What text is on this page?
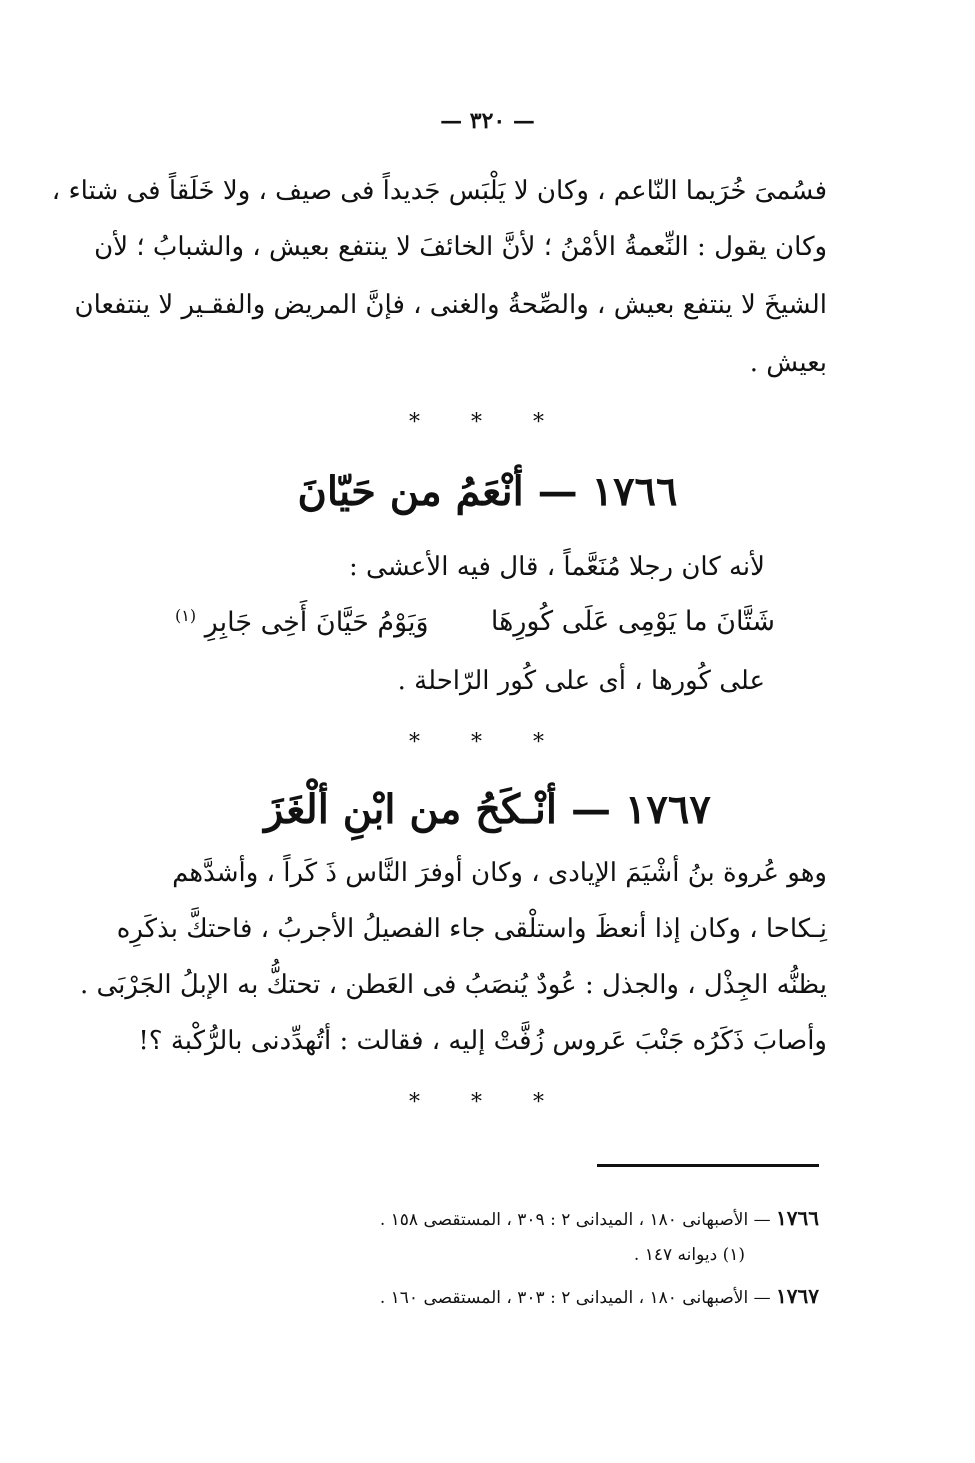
— ٣٢٠ —
فسُمىَ خُرَيما النّاعم ، وكان لا يَلْبَس جَديداً فى صيف ، ولا خَلَقاً فى شتاء ،
وكان يقول : النِّعمةُ الأمْنُ ؛ لأنَّ الخائفَ لا ينتفع بعيش ، والشبابُ ؛ لأن
الشيخَ لا ينتفع بعيش ، والصِّحةُ والغنى ، فإنَّ المريض والفقـير لا ينتفعان
بعيش .
* * *
١٧٦٦ — أنْعَمُ من حَيّانَ
لأنه كان رجلا مُنَعَّماً ، قال فيه الأعشى :
شَتَّانَ ما يَوْمِى عَلَى كُورِهَا
وَيَوْمُ حَيَّانَ أَخِى جَابِرِ $^{(١)}$
على كُورها ، أى على كُور الرّاحلة .
* * *
١٧٦٧ — أنْـكَحُ من ابْنِ ألْغَزَ
وهو عُروة بنُ أشْيَمَ الإيادى ، وكان أوفرَ النَّاس ذَ كَراً ، وأشدَّهم
نِـكاحا ، وكان إذا أنعظَ واستلْقى جاء الفصيلُ الأجربُ ، فاحتكَّ بذكَرِه
يظنُّه الجِذْل ، والجذل : عُودٌ يُنصَبُ فى العَطن ، تحتكُّ به الإبلُ الجَرْبَى .
وأصابَ ذَكَرُه جَنْبَ عَروس زُفَّتْ إليه ، فقالت : أتُهدِّدنى بالرُّكْبة ؟!
* * *
١٧٦٦ — الأصبهانى ١٨٠ ، الميدانى ٢ : ٣٠٩ ، المستقصى ١٥٨ .
(١) ديوانه ١٤٧ .
١٧٦٧ — الأصبهانى ١٨٠ ، الميدانى ٢ : ٣٠٣ ، المستقصى ١٦٠ .
